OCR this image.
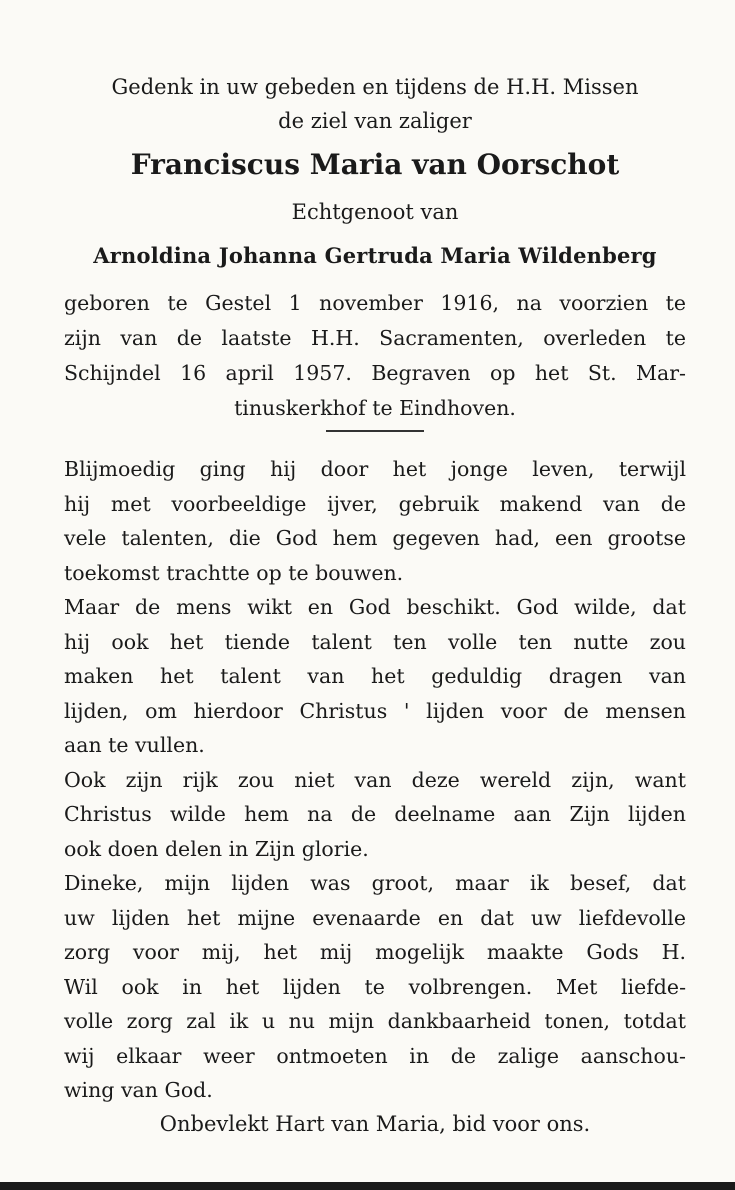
Gedenk in uw gebeden en tijdens de H.H. Missen
de ziel van zaliger
Franciscus Maria van Oorschot
Echtgenoot van
Arnoldina Johanna Gertruda Maria Wildenberg
geboren te Gestel 1 november 1916, na voorzien te
zijn van de laatste H.H. Sacramenten, overleden te
Schijndel 16 april 1957. Begraven op het St. Mar-
tinuskerkhof te Eindhoven.
Blijmoedig ging hij door het jonge leven, terwijl
hij met voorbeeldige ijver, gebruik makend van de
vele talenten, die God hem gegeven had, een grootse
toekomst trachtte op te bouwen.
Maar de mens wikt en God beschikt. God wilde, dat
hij ook het tiende talent ten volle ten nutte zou
maken het talent van het geduldig dragen van
lijden, om hierdoor Christus ' lijden voor de mensen
aan te vullen.
Ook zijn rijk zou niet van deze wereld zijn, want
Christus wilde hem na de deelname aan Zijn lijden
ook doen delen in Zijn glorie.
Dineke, mijn lijden was groot, maar ik besef, dat
uw lijden het mijne evenaarde en dat uw liefdevolle
zorg voor mij, het mij mogelijk maakte Gods H.
Wil ook in het lijden te volbrengen. Met liefde-
volle zorg zal ik u nu mijn dankbaarheid tonen, totdat
wij elkaar weer ontmoeten in de zalige aanschou-
wing van God.
Onbevlekt Hart van Maria, bid voor ons.
